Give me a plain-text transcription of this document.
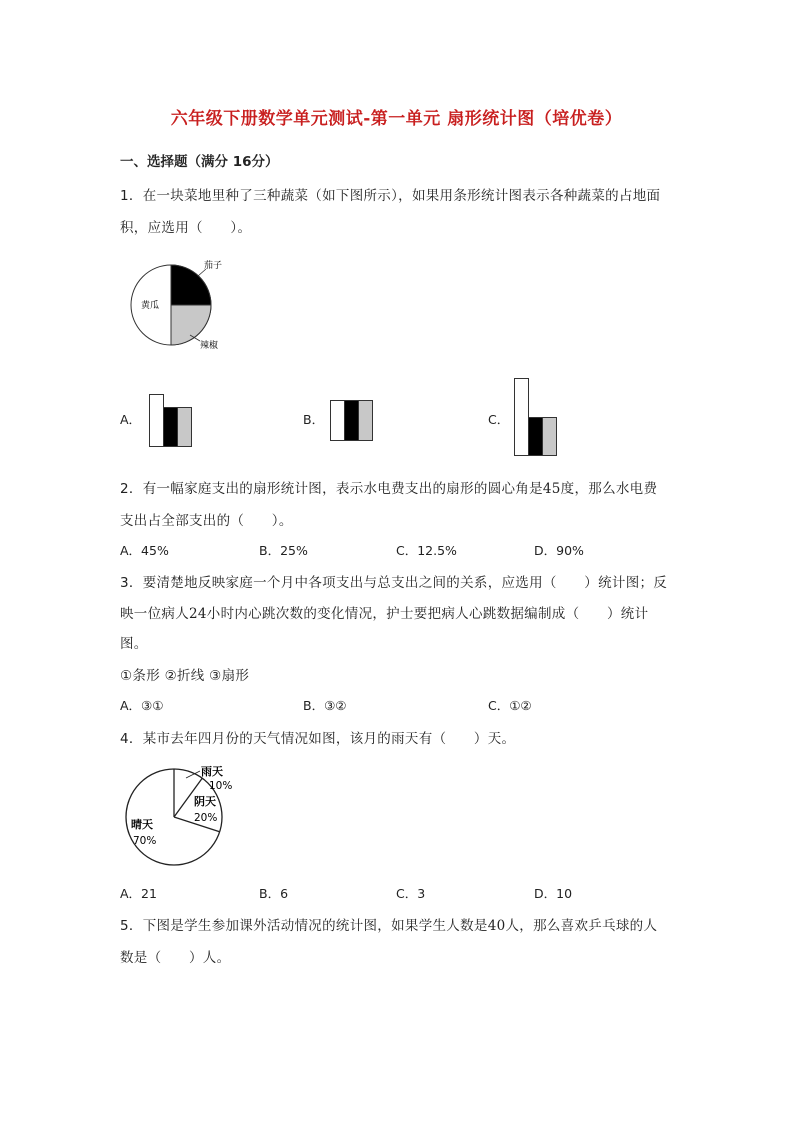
六年级下册数学单元测试-第一单元 扇形统计图（培优卷）
一、选择题（满分 16分）
1．在一块菜地里种了三种蔬菜（如下图所示），如果用条形统计图表示各种蔬菜的占地面
积，应选用（　　）。
茄子
黄瓜
辣椒
A．	B．	C．
2．有一幅家庭支出的扇形统计图，表示水电费支出的扇形的圆心角是45度，那么水电费
支出占全部支出的（　　）。
A．45%	B．25%	C．12.5%	D．90%
3．要清楚地反映家庭一个月中各项支出与总支出之间的关系，应选用（　　）统计图；反
映一位病人24小时内心跳次数的变化情况，护士要把病人心跳数据编制成（　　）统计
图。
①条形 ②折线 ③扇形
A．③①	B．③②	C．①②
4．某市去年四月份的天气情况如图，该月的雨天有（　　）天。
雨天
10%
阴天
20%
晴天
70%
A．21	B．6	C．3	D．10
5．下图是学生参加课外活动情况的统计图，如果学生人数是40人，那么喜欢乒乓球的人
数是（　　）人。
